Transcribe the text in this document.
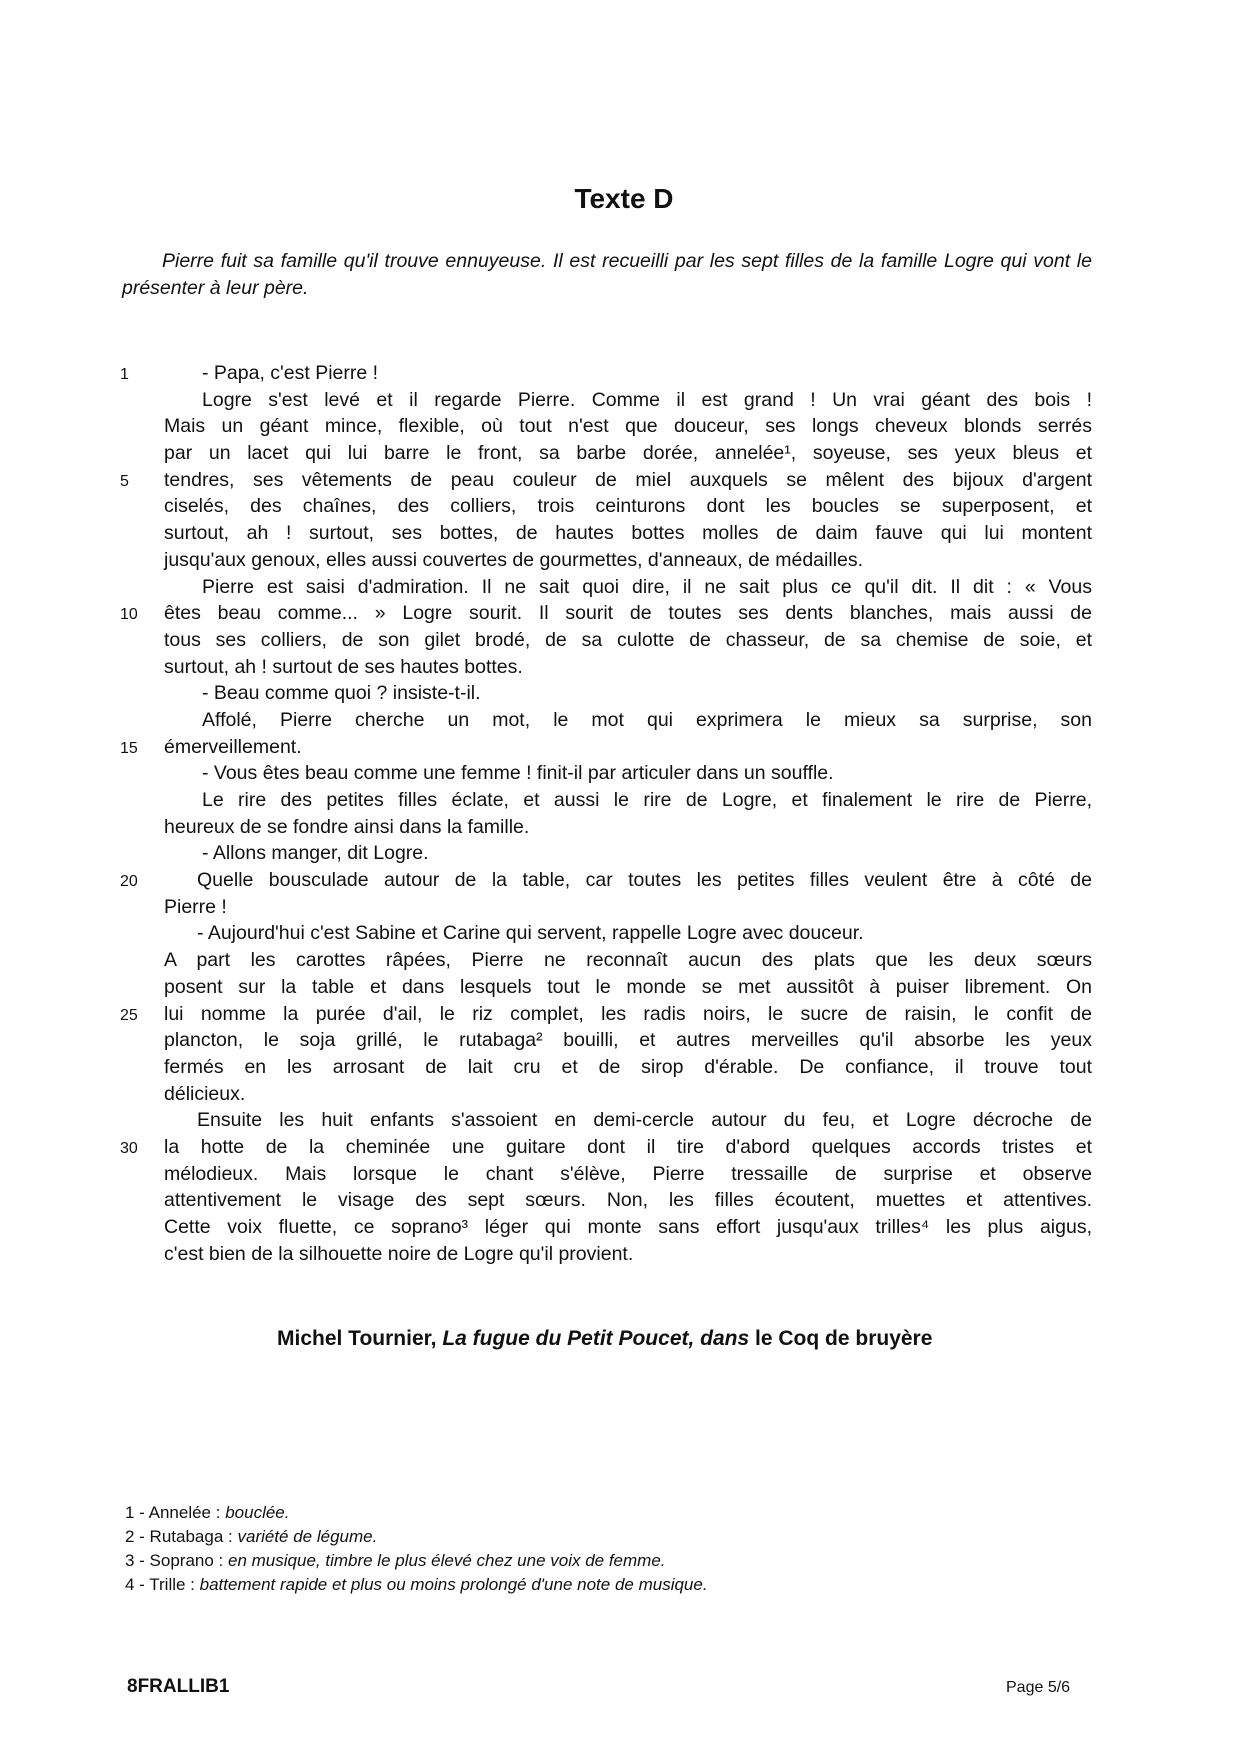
Texte D
Pierre fuit sa famille qu'il trouve ennuyeuse. Il est recueilli par les sept filles de la famille Logre qui vont le présenter à leur père.
1	- Papa, c'est Pierre !
Logre s'est levé et il regarde Pierre. Comme il est grand ! Un vrai géant des bois !
Mais un géant mince, flexible, où tout n'est que douceur, ses longs cheveux blonds serrés
par un lacet qui lui barre le front, sa barbe dorée, annelée¹, soyeuse, ses yeux bleus et
5	tendres, ses vêtements de peau couleur de miel auxquels se mêlent des bijoux d'argent
ciselés, des chaînes, des colliers, trois ceinturons dont les boucles se superposent, et
surtout, ah ! surtout, ses bottes, de hautes bottes molles de daim fauve qui lui montent
jusqu'aux genoux, elles aussi couvertes de gourmettes, d'anneaux, de médailles.
Pierre est saisi d'admiration. Il ne sait quoi dire, il ne sait plus ce qu'il dit. Il dit : « Vous
10	êtes beau comme... » Logre sourit. Il sourit de toutes ses dents blanches, mais aussi de
tous ses colliers, de son gilet brodé, de sa culotte de chasseur, de sa chemise de soie, et
surtout, ah ! surtout de ses hautes bottes.
- Beau comme quoi ? insiste-t-il.
Affolé, Pierre cherche un mot, le mot qui exprimera le mieux sa surprise, son
15	émerveillement.
- Vous êtes beau comme une femme ! finit-il par articuler dans un souffle.
Le rire des petites filles éclate, et aussi le rire de Logre, et finalement le rire de Pierre,
heureux de se fondre ainsi dans la famille.
- Allons manger, dit Logre.
20	Quelle bousculade autour de la table, car toutes les petites filles veulent être à côté de
Pierre !
- Aujourd'hui c'est Sabine et Carine qui servent, rappelle Logre avec douceur.
A part les carottes râpées, Pierre ne reconnaît aucun des plats que les deux sœurs
posent sur la table et dans lesquels tout le monde se met aussitôt à puiser librement. On
25	lui nomme la purée d'ail, le riz complet, les radis noirs, le sucre de raisin, le confit de
plancton, le soja grillé, le rutabaga² bouilli, et autres merveilles qu'il absorbe les yeux
fermés en les arrosant de lait cru et de sirop d'érable. De confiance, il trouve tout
délicieux.
Ensuite les huit enfants s'assoient en demi-cercle autour du feu, et Logre décroche de
30	la hotte de la cheminée une guitare dont il tire d'abord quelques accords tristes et
mélodieux. Mais lorsque le chant s'élève, Pierre tressaille de surprise et observe
attentivement le visage des sept sœurs. Non, les filles écoutent, muettes et attentives.
Cette voix fluette, ce soprano³ léger qui monte sans effort jusqu'aux trilles⁴ les plus aigus,
c'est bien de la silhouette noire de Logre qu'il provient.
Michel Tournier, La fugue du Petit Poucet, dans le Coq de bruyère
1 - Annelée : bouclée.
2 - Rutabaga : variété de légume.
3 - Soprano : en musique, timbre le plus élevé chez une voix de femme.
4 - Trille : battement rapide et plus ou moins prolongé d'une note de musique.
8FRALLIB1	Page 5/6
